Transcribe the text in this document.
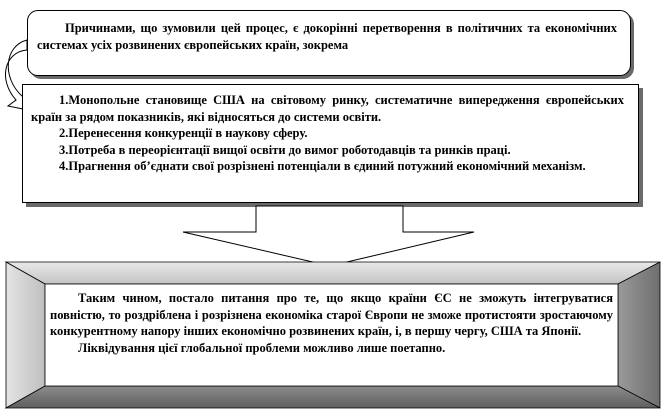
Причинами, що зумовили цей процес, є докорінні перетворення в політичних та економічних системах усіх розвинених європейських країн, зокрема

1.Монопольне становище США на світовому ринку, систематичне випередження європейських країн за рядом показників, які відносяться до системи освіти.

2.Перенесення конкуренції в наукову сферу.

3.Потреба в переорієнтації вищої освіти до вимог роботодавців та ринків праці.

4.Прагнення об’єднати свої розрізнені потенціали в єдиний потужний економічний механізм.

Таким чином, постало питання про те, що якщо країни ЄС не зможуть інтегруватися повністю, то роздріблена і розрізнена економіка старої Європи не зможе протистояти зростаючому конкурентному напору інших економічно розвинених країн, і, в першу чергу, США та Японії.

Ліквідування цієї глобальної проблеми можливо лише поетапно.
